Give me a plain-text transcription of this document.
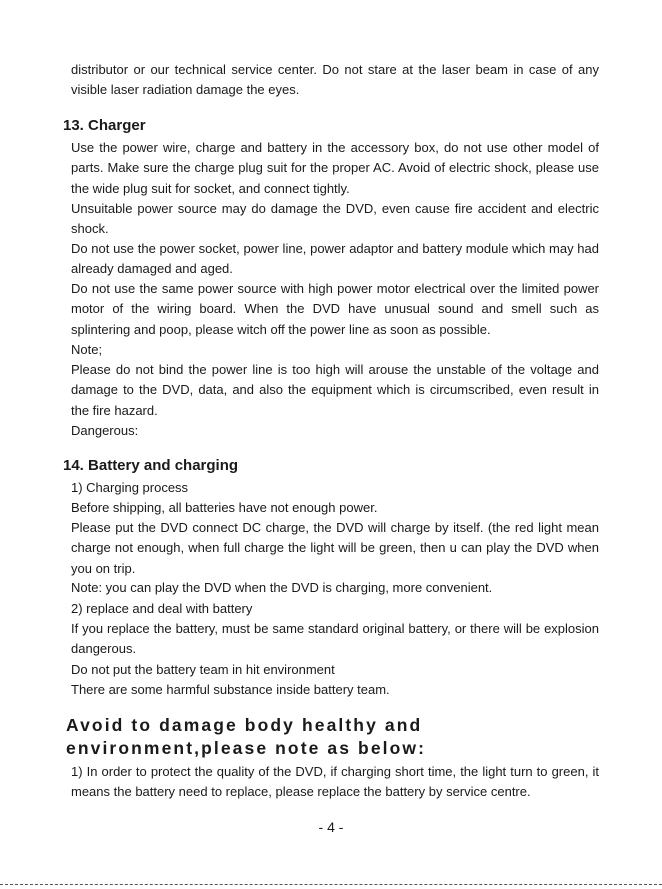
distributor or our technical service center. Do not stare at the laser beam in case of any visible laser radiation damage the eyes.

13. Charger

Use the power wire, charge and battery in the accessory box, do not use other model of parts. Make sure the charge plug suit for the proper AC. Avoid of electric shock, please use the wide plug suit for socket, and connect tightly.

Unsuitable power source may do damage the DVD, even cause fire accident and electric shock.

Do not use the power socket, power line, power adaptor and battery module which may had already damaged and aged.

Do not use the same power source with high power motor electrical over the limited power motor of the wiring board. When the DVD have unusual sound and smell such as splintering and poop, please witch off the power line as soon as possible.

Note;

Please do not bind the power line is too high will arouse the unstable of the voltage and damage to the DVD, data, and also the equipment which is circumscribed, even result in the fire hazard.

Dangerous:

14. Battery and charging

1) Charging process

Before shipping, all batteries have not enough power.

Please put the DVD connect DC charge, the DVD will charge by itself. (the red light mean charge not enough, when full charge the light will be green, then u can play the DVD when you on trip.

Note: you can play the DVD when the DVD is charging, more convenient.

2) replace and deal with battery

If you replace the battery, must be same standard original battery, or there will be explosion dangerous.

Do not put the battery team in hit environment

There are some harmful substance inside battery team.

Avoid to damage body healthy and environment,please note as below:

1) In order to protect the quality of the DVD, if charging short time, the light turn to green, it means the battery need to replace, please replace the battery by service centre.

- 4 -
